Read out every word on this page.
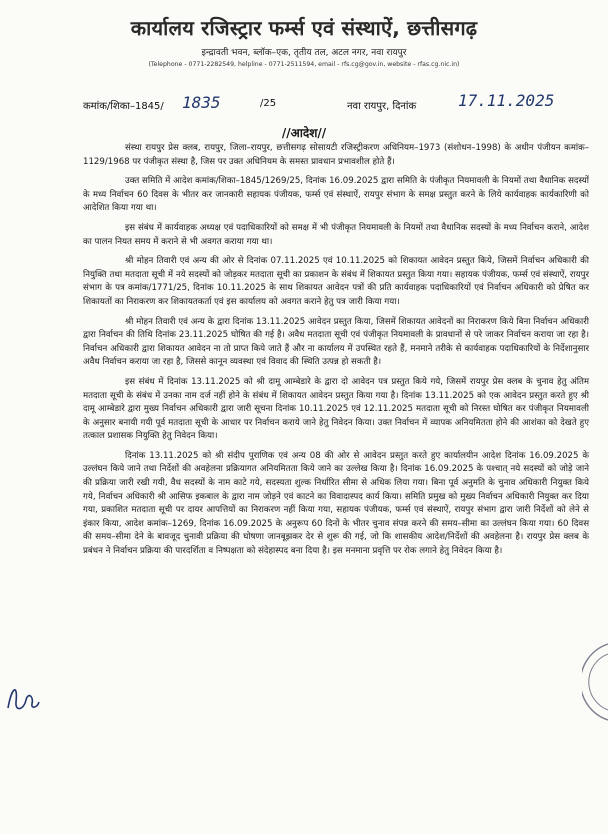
कार्यालय रजिस्ट्रार फर्म्स एवं संस्थाऐं, छत्तीसगढ़
इन्द्रावती भवन, ब्लॉक–एक, तृतीय तल, अटल नगर, नवा रायपुर
(Telephone - 0771-2282549, helpline - 0771-2511594, email - rfs.cg@gov.in, website - rfas.cg.nic.in)
कमांक/शिका–1845/ 1835	/25	नवा रायपुर, दिनांक	17.11.2025
//आदेश//

संस्था रायपुर प्रेस क्लब, रायपुर, जिला–रायपुर, छत्तीसगढ़ सोसायटी रजिस्ट्रीकरण अधिनियम–1973 (संशोधन–1998) के अधीन पंजीयन कमांक–1129/1968 पर पंजीकृत संस्था है, जिस पर उक्त अधिनियम के समस्त प्रावधान प्रभावशील होते हैं।

उक्त समिति में आदेश कमांक/शिका–1845/1269/25, दिनांक 16.09.2025 द्वारा समिति के पंजीकृत नियमावली के नियमों तथा वैधानिक सदस्यों के मध्य निर्वाचन 60 दिवस के भीतर कर जानकारी सहायक पंजीयक, फर्म्स एवं संस्थाऐं, रायपुर संभाग के समक्ष प्रस्तुत करने के लिये कार्यवाहक कार्यकारिणी को आदेशित किया गया था।

इस संबंध में कार्यवाहक अध्यक्ष एवं पदाधिकारियों को समक्ष में भी पंजीकृत नियमावली के नियमों तथा वैधानिक सदस्यों के मध्य निर्वाचन कराने, आदेश का पालन नियत समय में कराने से भी अवगत कराया गया था।

श्री मोहन तिवारी एवं अन्य की ओर से दिनांक 07.11.2025 एवं 10.11.2025 को शिकायत आवेदन प्रस्तुत किये, जिसमें निर्वाचन अधिकारी की नियुक्ति तथा मतदाता सूची में नये सदस्यों को जोड़कर मतदाता सूची का प्रकाशन के संबंध में शिकायत प्रस्तुत किया गया। सहायक पंजीयक, फर्म्स एवं संस्थाऐं, रायपुर संभाग के पत्र कमांक/1771/25, दिनांक 10.11.2025 के साथ शिकायत आवेदन पत्रों की प्रति कार्यवाहक पदाधिकारियों एवं निर्वाचन अधिकारी को प्रेषित कर शिकायतों का निराकरण कर शिकायतकर्ता एवं इस कार्यालय को अवगत कराने हेतु पत्र जारी किया गया।

श्री मोहन तिवारी एवं अन्य के द्वारा दिनांक 13.11.2025 आवेदन प्रस्तुत किया, जिसमें शिकायत आवेदनों का निराकरण किये बिना निर्वाचन अधिकारी द्वारा निर्वाचन की तिथि दिनांक 23.11.2025 घोषित की गई है। अवैध मतदाता सूची एवं पंजीकृत नियमावली के प्रावधानों से परे जाकर निर्वाचन कराया जा रहा है। निर्वाचन अधिकारी द्वारा शिकायत आवेदन ना तो प्राप्त किये जाते हैं और ना कार्यालय में उपस्थित रहते हैं, मनमाने तरीके से कार्यवाहक पदाधिकारियों के निर्देशानुसार अवैध निर्वाचन कराया जा रहा है, जिससे कानून व्यवस्था एवं विवाद की स्थिति उत्पन्न हो सकती है।

इस संबंध में दिनांक 13.11.2025 को श्री दामू आम्बेडारे के द्वारा दो आवेदन पत्र प्रस्तुत किये गये, जिसमें रायपुर प्रेस क्लब के चुनाव हेतु अंतिम मतदाता सूची के संबंध में उनका नाम दर्ज नहीं होने के संबंध में शिकायत आवेदन प्रस्तुत किया गया है। दिनांक 13.11.2025 को एक आवेदन प्रस्तुत करते हुए श्री दामू आम्बेडारे द्वारा मुख्य निर्वाचन अधिकारी द्वारा जारी सूचना दिनांक 10.11.2025 एवं 12.11.2025 मतदाता सूची को निरस्त घोषित कर पंजीकृत नियमावली के अनुसार बनायी गयी पूर्व मतदाता सूची के आधार पर निर्वाचन कराये जाने हेतु निवेदन किया। उक्त निर्वाचन में व्यापक अनियमितता होने की आशंका को देखते हुए तत्काल प्रशासक नियुक्ति हेतु निवेदन किया।

दिनांक 13.11.2025 को श्री संदीप पुराणिक एवं अन्य 08 की ओर से आवेदन प्रस्तुत करते हुए कार्यालयीन आदेश दिनांक 16.09.2025 के उल्लंघन किये जाने तथा निर्देशों की अवहेलना प्रक्रियागत अनियमितता किये जाने का उल्लेख किया है। दिनांक 16.09.2025 के पश्चात् नये सदस्यों को जोड़े जाने की प्रक्रिया जारी रखी गयी, वैध सदस्यों के नाम काटे गये, सदस्यता शुल्क निर्धारित सीमा से अधिक लिया गया। बिना पूर्व अनुमति के चुनाव अधिकारी नियुक्त किये गये, निर्वाचन अधिकारी श्री आसिफ इकबाल के द्वारा नाम जोड़ने एवं काटने का विवादास्पद कार्य किया। समिति प्रमुख को मुख्य निर्वाचन अधिकारी नियुक्त कर दिया गया, प्रकाशित मतदाता सूची पर दायर आपत्तियों का निराकरण नहीं किया गया, सहायक पंजीयक, फर्म्स एवं संस्थाऐं, रायपुर संभाग द्वारा जारी निर्देशों को लेने से इंकार किया, आदेश कमांक–1269, दिनांक 16.09.2025 के अनुरूप 60 दिनों के भीतर चुनाव संपन्न करने की समय–सीमा का उल्लंघन किया गया। 60 दिवस की समय–सीमा देने के बावजूद चुनावी प्रक्रिया की घोषणा जानबूझकर देर से शुरू की गई, जो कि शासकीय आदेश/निर्देशों की अवहेलना है। रायपुर प्रेस क्लब के प्रबंधन ने निर्वाचन प्रक्रिया की पारदर्शिता व निष्पक्षता को संदेहास्पद बना दिया है। इस मनमाना प्रवृत्ति पर रोक लगाने हेतु निवेदन किया है।
